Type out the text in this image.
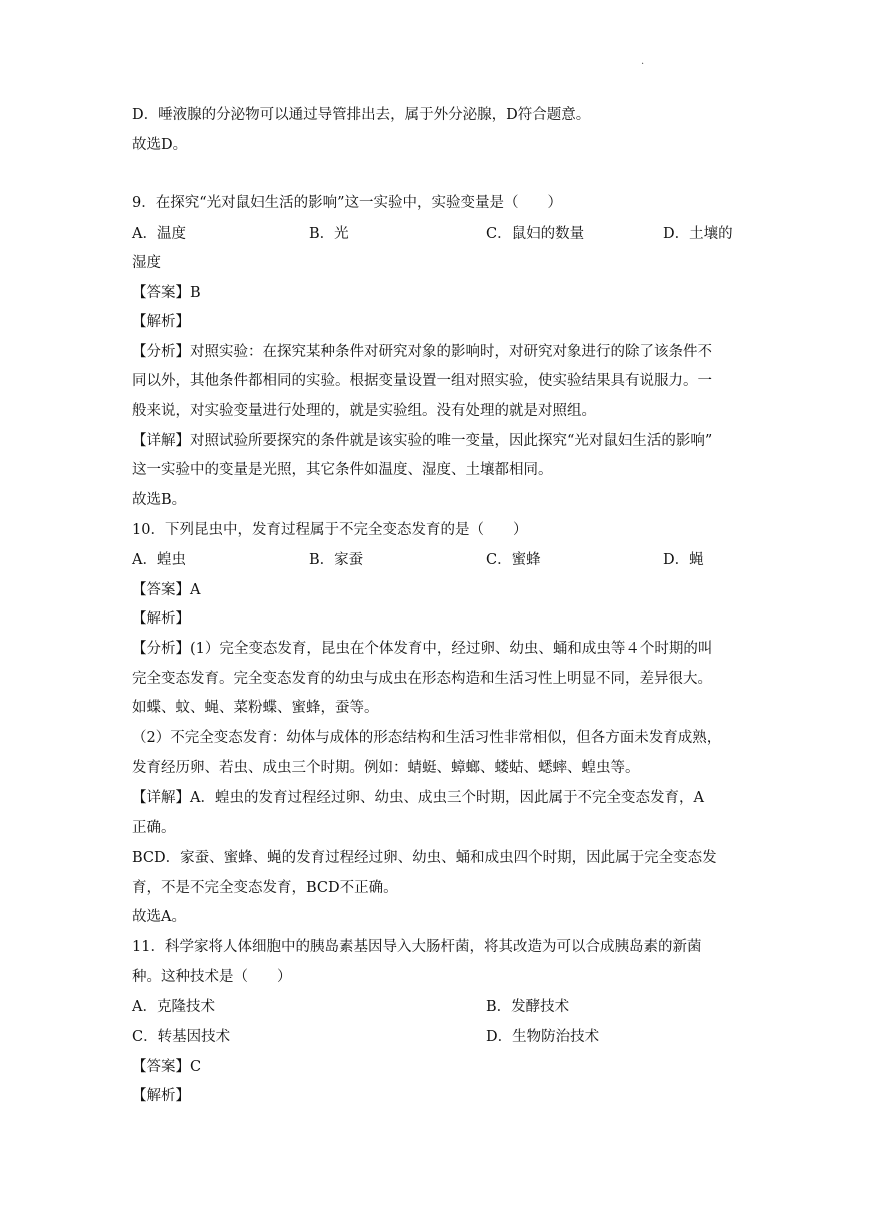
.
D．唾液腺的分泌物可以通过导管排出去，属于外分泌腺，D符合题意。
故选D。
9．在探究“光对鼠妇生活的影响”这一实验中，实验变量是（　　）
A．温度	B．光	C．鼠妇的数量	D．土壤的
湿度
【答案】B
【解析】
【分析】对照实验：在探究某种条件对研究对象的影响时，对研究对象进行的除了该条件不
同以外，其他条件都相同的实验。根据变量设置一组对照实验，使实验结果具有说服力。一
般来说，对实验变量进行处理的，就是实验组。没有处理的就是对照组。
【详解】对照试验所要探究的条件就是该实验的唯一变量，因此探究“光对鼠妇生活的影响”
这一实验中的变量是光照，其它条件如温度、湿度、土壤都相同。
故选B。
10．下列昆虫中，发育过程属于不完全变态发育的是（　　）
A．蝗虫	B．家蚕	C．蜜蜂	D．蝇
【答案】A
【解析】
【分析】(1）完全变态发育，昆虫在个体发育中，经过卵、幼虫、蛹和成虫等４个时期的叫
完全变态发育。完全变态发育的幼虫与成虫在形态构造和生活习性上明显不同，差异很大。
如蝶、蚊、蝇、菜粉蝶、蜜蜂，蚕等。
（2）不完全变态发育：幼体与成体的形态结构和生活习性非常相似，但各方面未发育成熟，
发育经历卵、若虫、成虫三个时期。例如：蜻蜓、蟑螂、蝼蛄、蟋蟀、蝗虫等。
【详解】A．蝗虫的发育过程经过卵、幼虫、成虫三个时期，因此属于不完全变态发育，A
正确。
BCD．家蚕、蜜蜂、蝇的发育过程经过卵、幼虫、蛹和成虫四个时期，因此属于完全变态发
育，不是不完全变态发育，BCD不正确。
故选A。
11．科学家将人体细胞中的胰岛素基因导入大肠杆菌，将其改造为可以合成胰岛素的新菌
种。这种技术是（　　）
A．克隆技术	B．发酵技术
C．转基因技术	D．生物防治技术
【答案】C
【解析】
